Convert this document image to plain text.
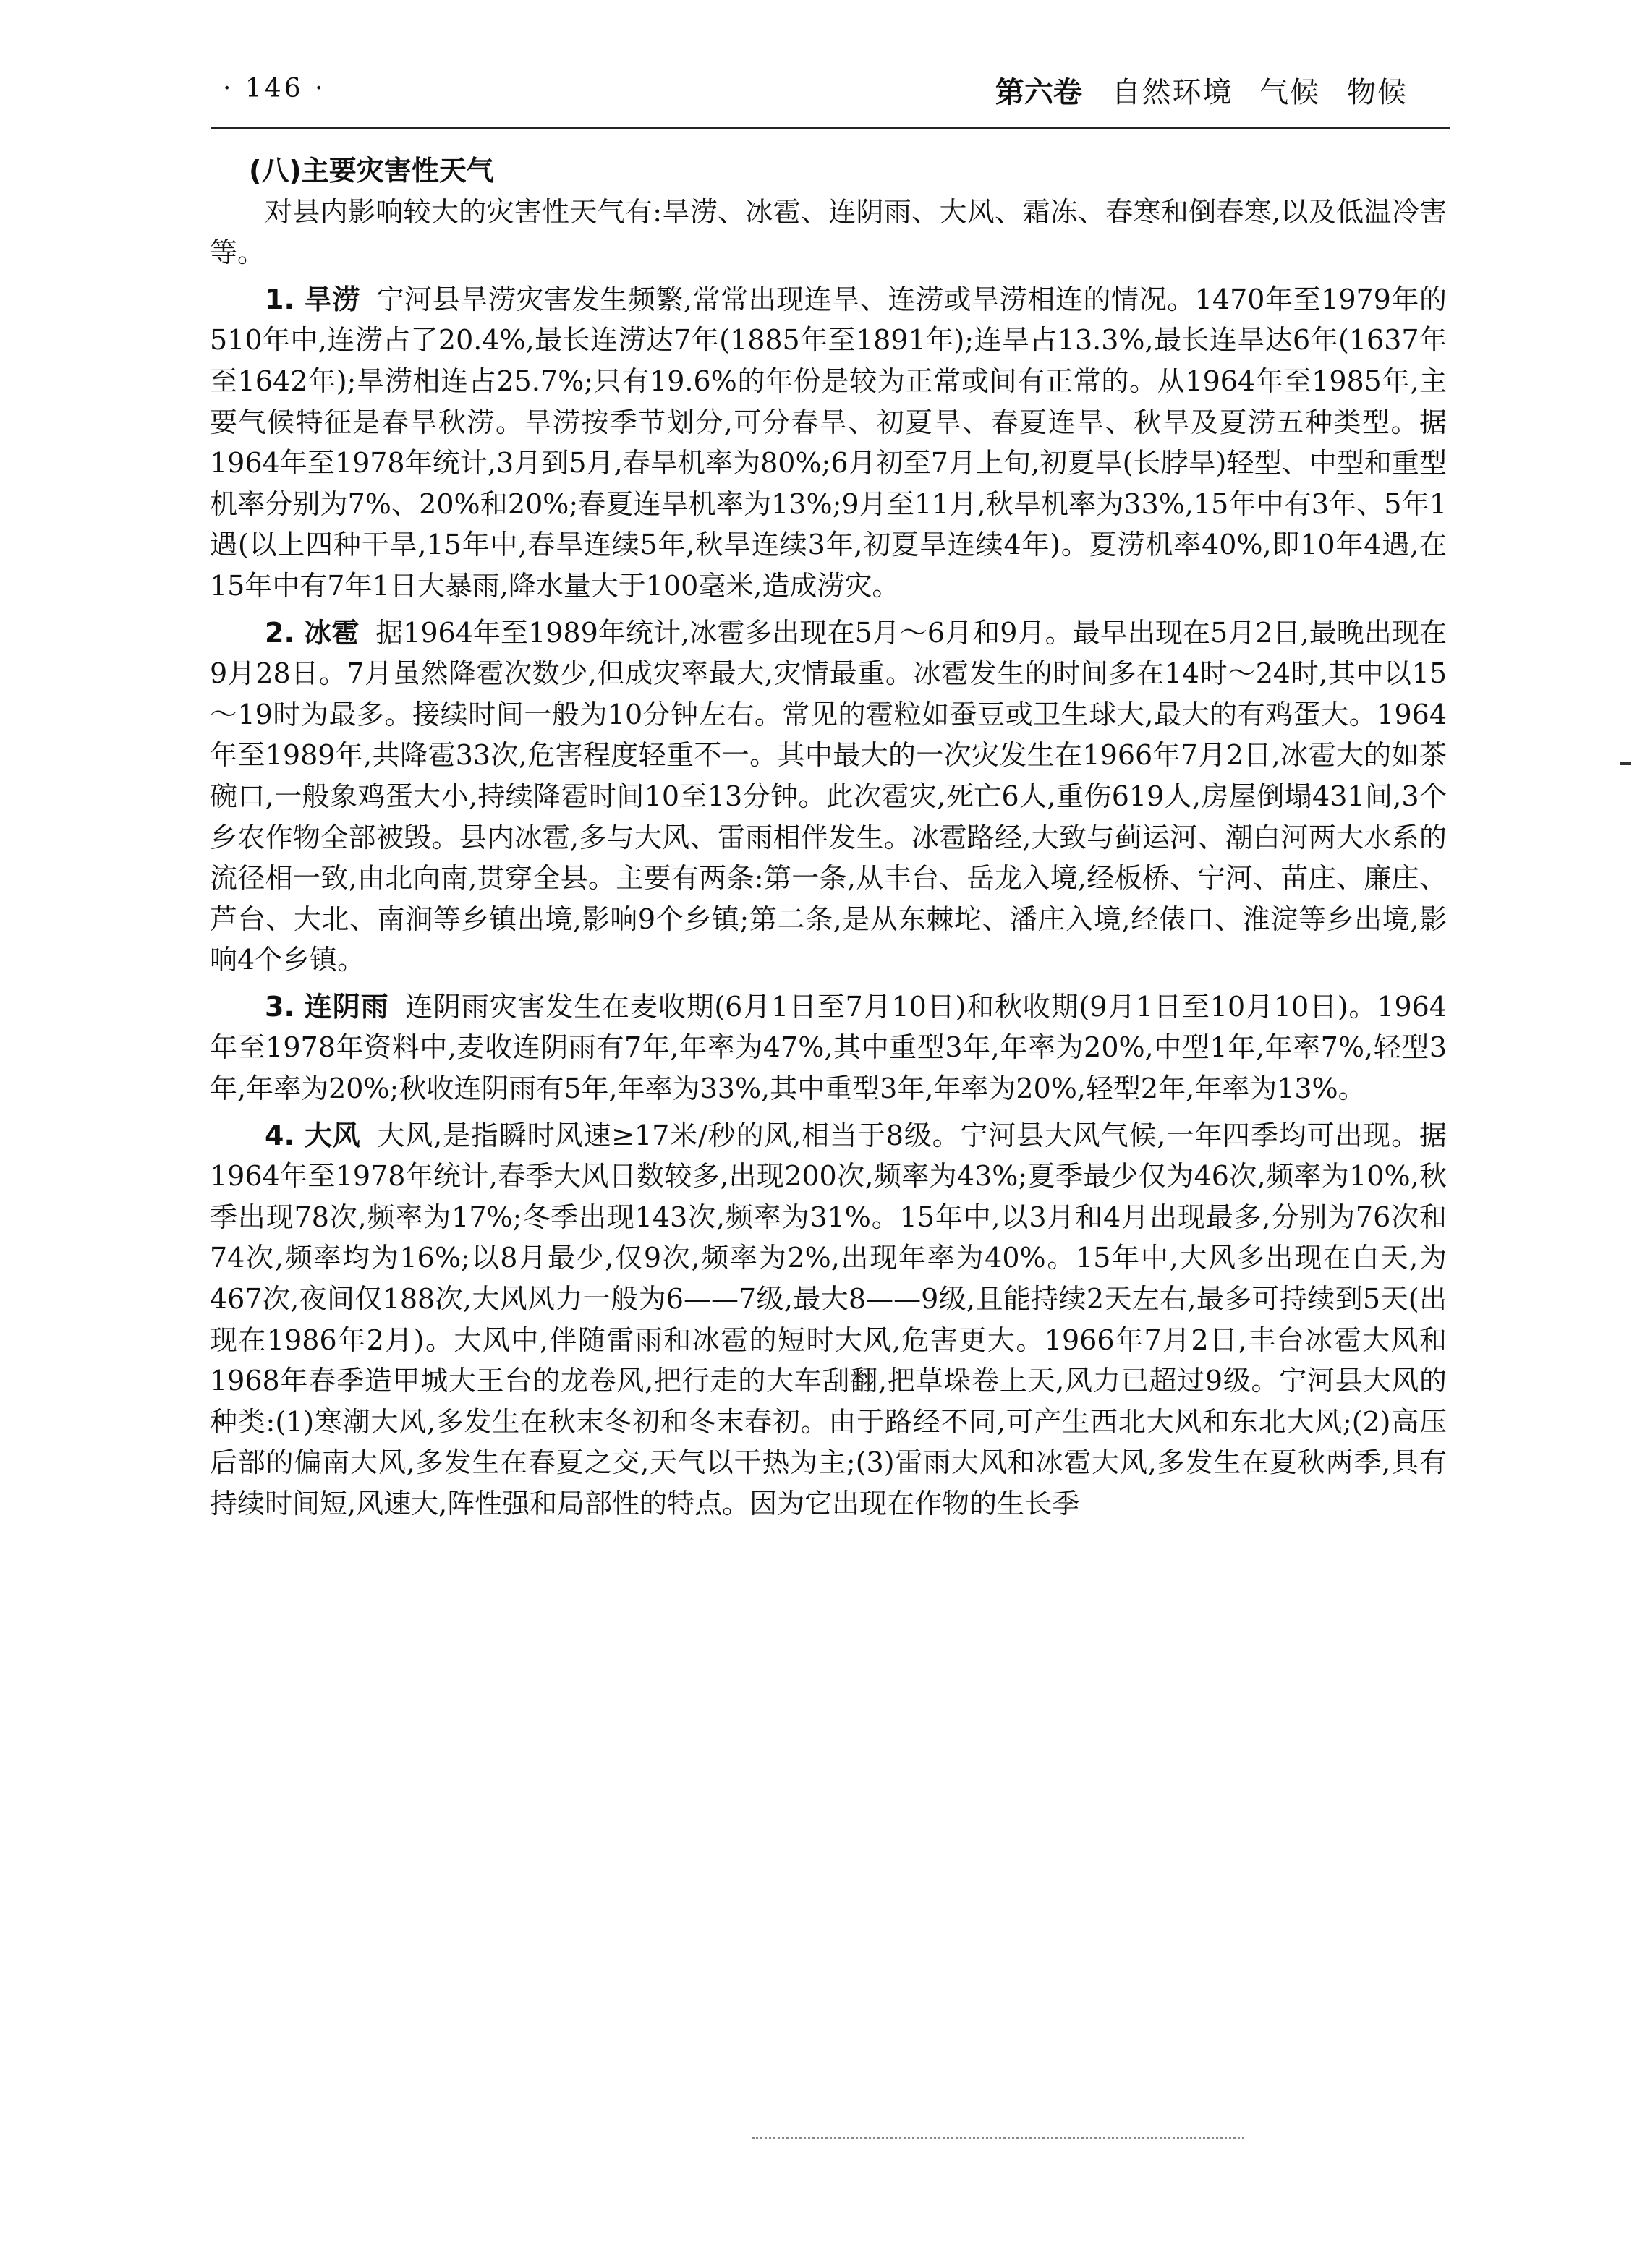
· 146 ·	第六卷 自然环境 气候 物候

(八)主要灾害性天气

对县内影响较大的灾害性天气有:旱涝、冰雹、连阴雨、大风、霜冻、春寒和倒春寒,以及低温冷害等。

1. 旱涝 宁河县旱涝灾害发生频繁,常常出现连旱、连涝或旱涝相连的情况。1470年至1979年的510年中,连涝占了20.4%,最长连涝达7年(1885年至1891年);连旱占13.3%,最长连旱达6年(1637年至1642年);旱涝相连占25.7%;只有19.6%的年份是较为正常或间有正常的。从1964年至1985年,主要气候特征是春旱秋涝。旱涝按季节划分,可分春旱、初夏旱、春夏连旱、秋旱及夏涝五种类型。据1964年至1978年统计,3月到5月,春旱机率为80%;6月初至7月上旬,初夏旱(长脖旱)轻型、中型和重型机率分别为7%、20%和20%;春夏连旱机率为13%;9月至11月,秋旱机率为33%,15年中有3年、5年1遇(以上四种干旱,15年中,春旱连续5年,秋旱连续3年,初夏旱连续4年)。夏涝机率40%,即10年4遇,在15年中有7年1日大暴雨,降水量大于100毫米,造成涝灾。

2. 冰雹 据1964年至1989年统计,冰雹多出现在5月～6月和9月。最早出现在5月2日,最晚出现在9月28日。7月虽然降雹次数少,但成灾率最大,灾情最重。冰雹发生的时间多在14时～24时,其中以15～19时为最多。接续时间一般为10分钟左右。常见的雹粒如蚕豆或卫生球大,最大的有鸡蛋大。1964年至1989年,共降雹33次,危害程度轻重不一。其中最大的一次灾发生在1966年7月2日,冰雹大的如茶碗口,一般象鸡蛋大小,持续降雹时间10至13分钟。此次雹灾,死亡6人,重伤619人,房屋倒塌431间,3个乡农作物全部被毁。县内冰雹,多与大风、雷雨相伴发生。冰雹路经,大致与蓟运河、潮白河两大水系的流径相一致,由北向南,贯穿全县。主要有两条:第一条,从丰台、岳龙入境,经板桥、宁河、苗庄、廉庄、芦台、大北、南涧等乡镇出境,影响9个乡镇;第二条,是从东棘坨、潘庄入境,经俵口、淮淀等乡出境,影响4个乡镇。

3. 连阴雨 连阴雨灾害发生在麦收期(6月1日至7月10日)和秋收期(9月1日至10月10日)。1964年至1978年资料中,麦收连阴雨有7年,年率为47%,其中重型3年,年率为20%,中型1年,年率7%,轻型3年,年率为20%;秋收连阴雨有5年,年率为33%,其中重型3年,年率为20%,轻型2年,年率为13%。

4. 大风 大风,是指瞬时风速≥17米/秒的风,相当于8级。宁河县大风气候,一年四季均可出现。据1964年至1978年统计,春季大风日数较多,出现200次,频率为43%;夏季最少仅为46次,频率为10%,秋季出现78次,频率为17%;冬季出现143次,频率为31%。15年中,以3月和4月出现最多,分别为76次和74次,频率均为16%;以8月最少,仅9次,频率为2%,出现年率为40%。15年中,大风多出现在白天,为467次,夜间仅188次,大风风力一般为6——7级,最大8——9级,且能持续2天左右,最多可持续到5天(出现在1986年2月)。大风中,伴随雷雨和冰雹的短时大风,危害更大。1966年7月2日,丰台冰雹大风和1968年春季造甲城大王台的龙卷风,把行走的大车刮翻,把草垛卷上天,风力已超过9级。宁河县大风的种类:(1)寒潮大风,多发生在秋末冬初和冬末春初。由于路经不同,可产生西北大风和东北大风;(2)高压后部的偏南大风,多发生在春夏之交,天气以干热为主;(3)雷雨大风和冰雹大风,多发生在夏秋两季,具有持续时间短,风速大,阵性强和局部性的特点。因为它出现在作物的生长季
